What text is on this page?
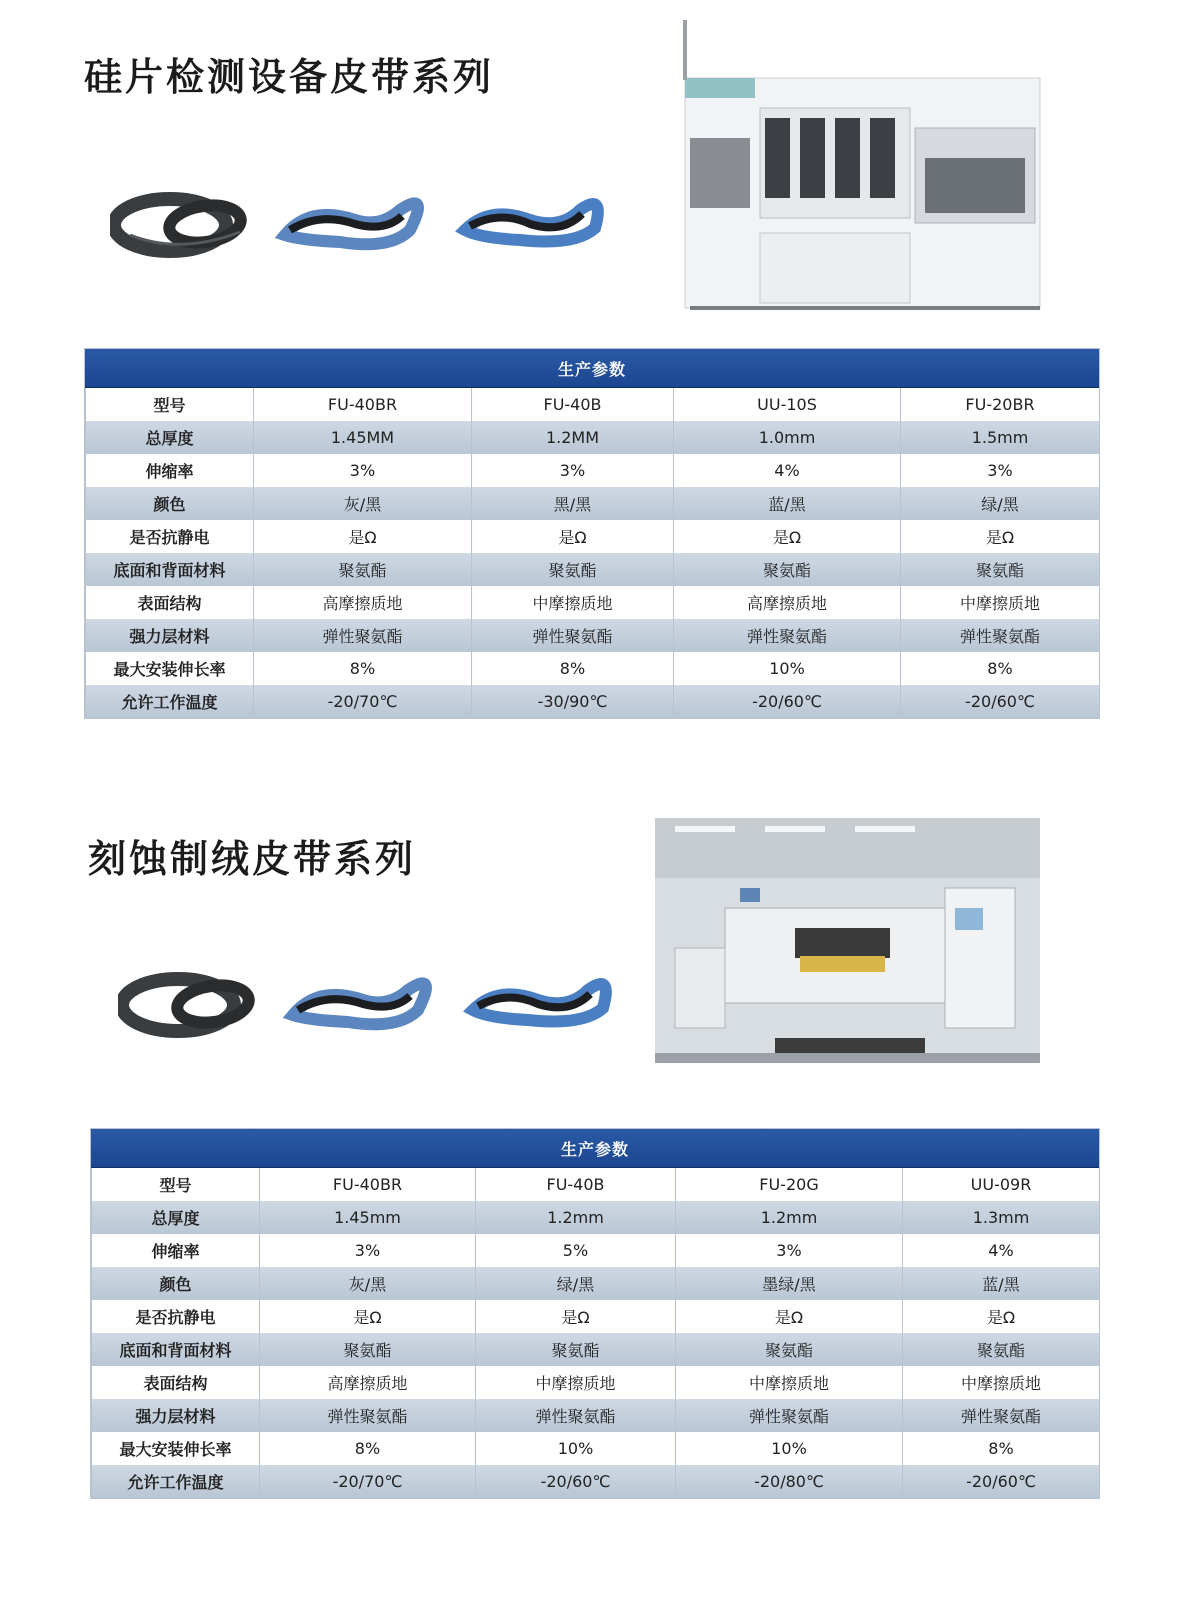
硅片检测设备皮带系列
生产参数
型号	FU-40BR	FU-40B	UU-10S	FU-20BR
总厚度	1.45MM	1.2MM	1.0mm	1.5mm
伸缩率	3%	3%	4%	3%
颜色	灰/黑	黑/黑	蓝/黑	绿/黑
是否抗静电	是Ω	是Ω	是Ω	是Ω
底面和背面材料	聚氨酯	聚氨酯	聚氨酯	聚氨酯
表面结构	高摩擦质地	中摩擦质地	高摩擦质地	中摩擦质地
强力层材料	弹性聚氨酯	弹性聚氨酯	弹性聚氨酯	弹性聚氨酯
最大安装伸长率	8%	8%	10%	8%
允许工作温度	-20/70℃	-30/90℃	-20/60℃	-20/60℃
刻蚀制绒皮带系列
生产参数
型号	FU-40BR	FU-40B	FU-20G	UU-09R
总厚度	1.45mm	1.2mm	1.2mm	1.3mm
伸缩率	3%	5%	3%	4%
颜色	灰/黑	绿/黑	墨绿/黑	蓝/黑
是否抗静电	是Ω	是Ω	是Ω	是Ω
底面和背面材料	聚氨酯	聚氨酯	聚氨酯	聚氨酯
表面结构	高摩擦质地	中摩擦质地	中摩擦质地	中摩擦质地
强力层材料	弹性聚氨酯	弹性聚氨酯	弹性聚氨酯	弹性聚氨酯
最大安装伸长率	8%	10%	10%	8%
允许工作温度	-20/70℃	-20/60℃	-20/80℃	-20/60℃
